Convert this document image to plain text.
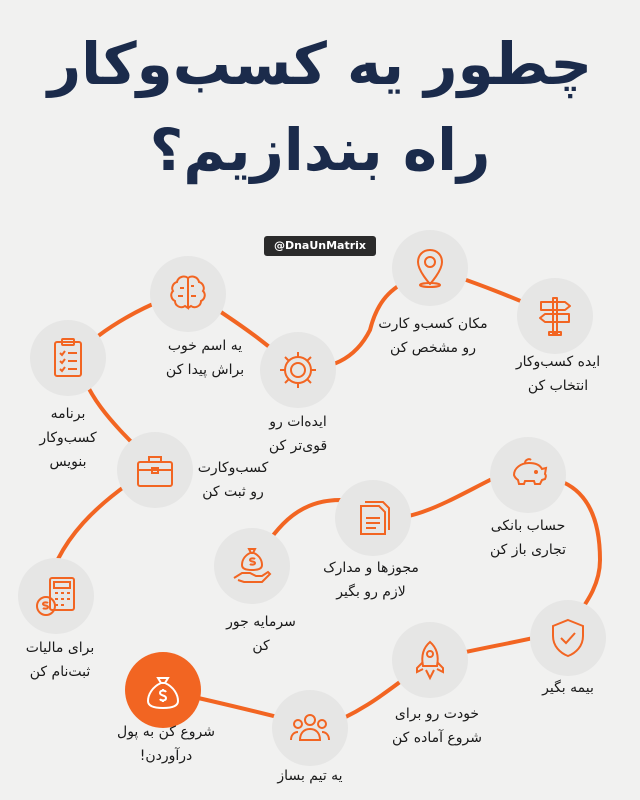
چطور یه کسب‌وکار
راه بندازیم؟
@DnaUnMatrix
ایده کسب‌وکار
انتخاب کن
مکان کسب‌و کارت
رو مشخص کن
ایده‌ات رو
قوی‌تر کن
یه اسم خوب
براش پیدا کن
برنامه
کسب‌وکار
بنویس	کسب‌وکارت
رو ثبت کن
مجوزها و مدارک
لازم رو بگیر
حساب بانکی
تجاری باز کن
بیمه بگیر
خودت رو برای
شروع آماده کن
یه تیم بساز
شروع کن به پول
درآوردن!
برای مالیات
ثبت‌نام کن
سرمایه جور
کن
